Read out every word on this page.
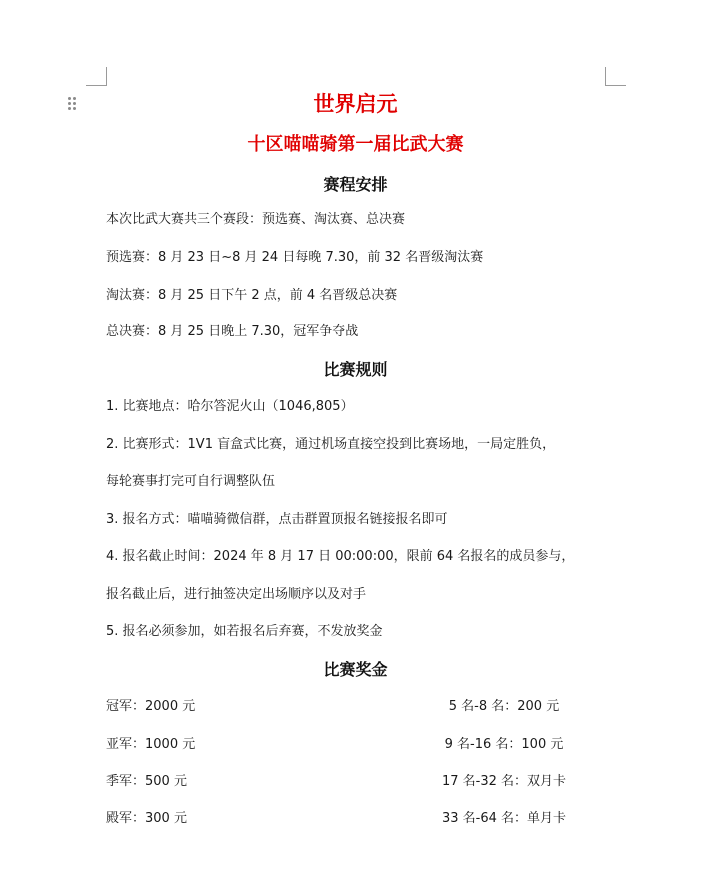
世界启元
十区喵喵骑第一届比武大赛
赛程安排
本次比武大赛共三个赛段：预选赛、淘汰赛、总决赛
预选赛：8 月 23 日~8 月 24 日每晚 7.30，前 32 名晋级淘汰赛
淘汰赛：8 月 25 日下午 2 点，前 4 名晋级总决赛
总决赛：8 月 25 日晚上 7.30，冠军争夺战
比赛规则
1. 比赛地点：哈尔答泥火山（1046,805）
2. 比赛形式：1V1 盲盒式比赛，通过机场直接空投到比赛场地，一局定胜负，
每轮赛事打完可自行调整队伍
3. 报名方式：喵喵骑微信群，点击群置顶报名链接报名即可
4. 报名截止时间：2024 年 8 月 17 日 00:00:00，限前 64 名报名的成员参与，
报名截止后，进行抽签决定出场顺序以及对手
5. 报名必须参加，如若报名后弃赛，不发放奖金
比赛奖金
冠军：2000 元
亚军：1000 元
季军：500 元
殿军：300 元
5 名-8 名：200 元
9 名-16 名：100 元
17 名-32 名：双月卡
33 名-64 名：单月卡
